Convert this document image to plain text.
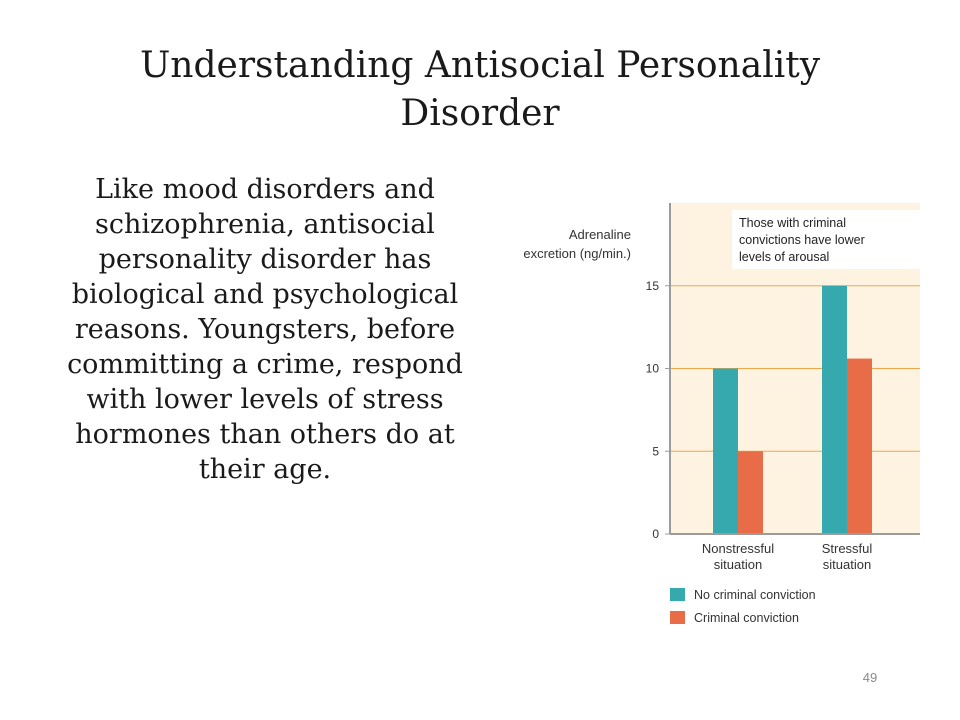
Understanding Antisocial Personality Disorder
Like mood disorders and schizophrenia, antisocial personality disorder has biological and psychological reasons. Youngsters, before committing a crime, respond with lower levels of stress hormones than others do at their age.
0
5
10
15
Adrenaline
excretion (ng/min.)
Nonstressful
situation
Stressful
situation
Those with criminal
convictions have lower
levels of arousal
No criminal conviction
Criminal conviction
49
